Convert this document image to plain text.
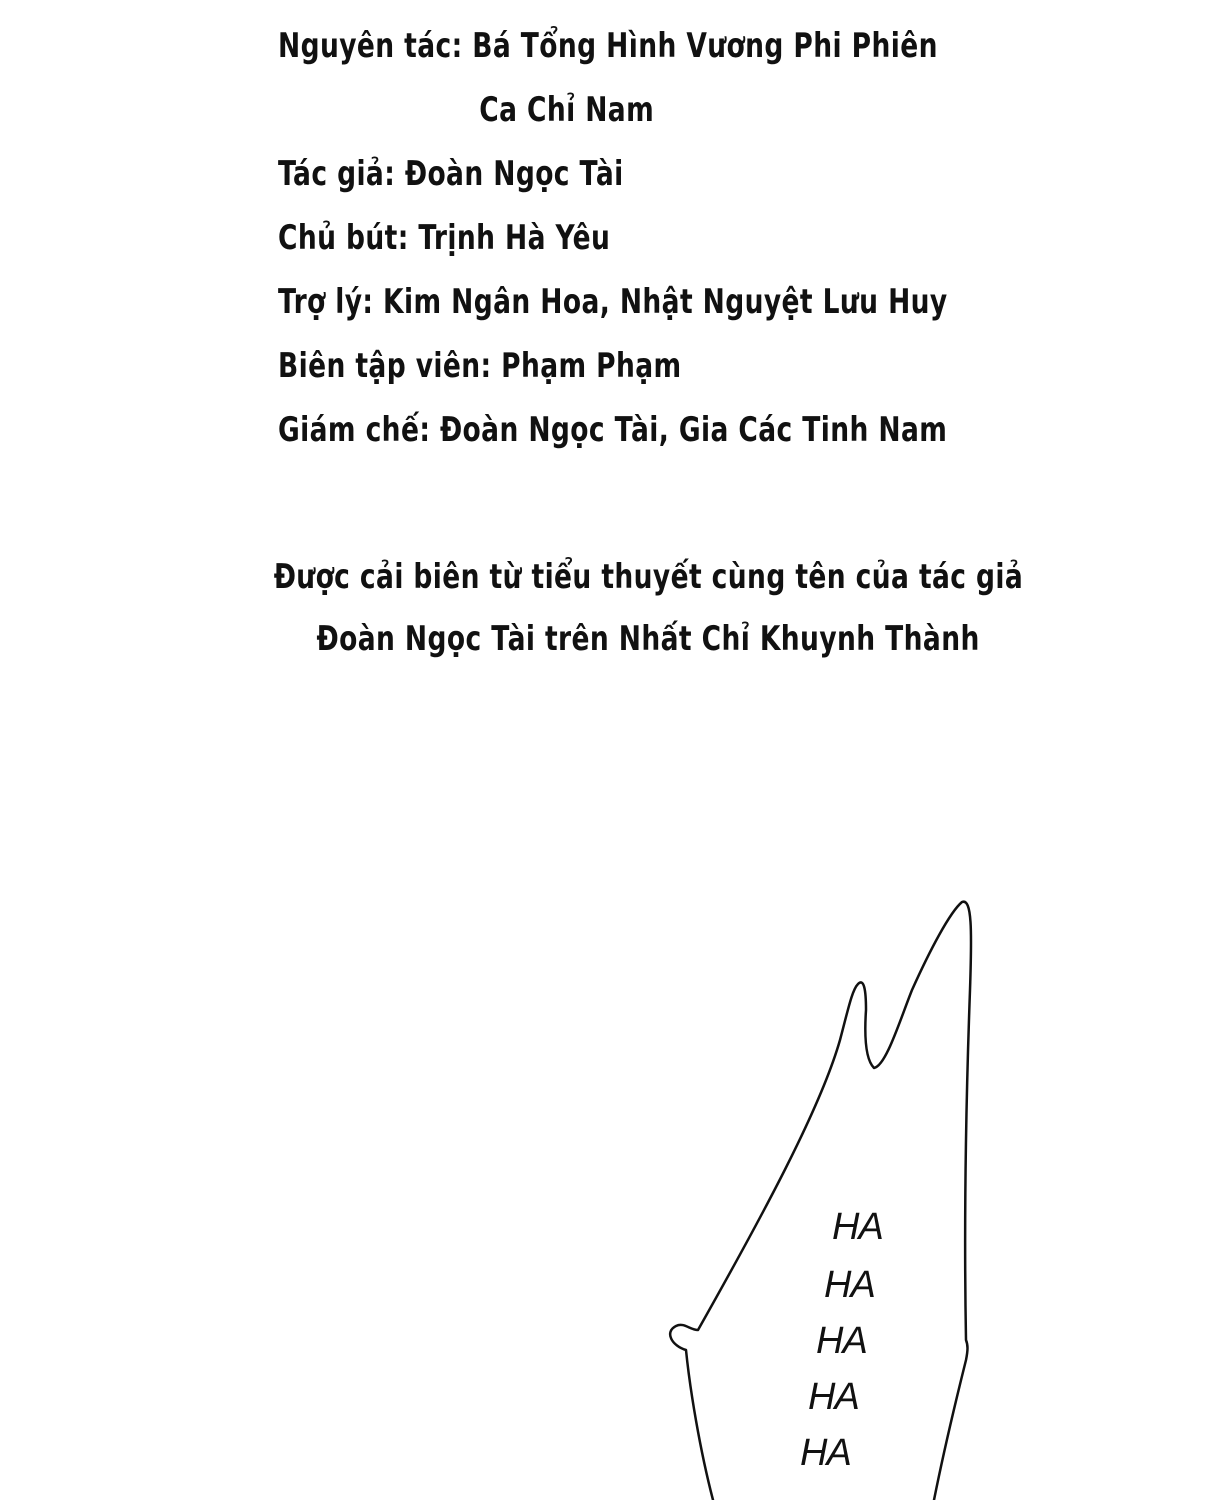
Nguyên tác: Bá Tổng Hình Vương Phi Phiên
Ca Chỉ Nam
Tác giả: Đoàn Ngọc Tài
Chủ bút: Trịnh Hà Yêu
Trợ lý: Kim Ngân Hoa, Nhật Nguyệt Lưu Huy
Biên tập viên: Phạm Phạm
Giám chế: Đoàn Ngọc Tài, Gia Các Tinh Nam
Được cải biên từ tiểu thuyết cùng tên của tác giả
Đoàn Ngọc Tài trên Nhất Chỉ Khuynh Thành
HA
HA
HA
HA
HA
